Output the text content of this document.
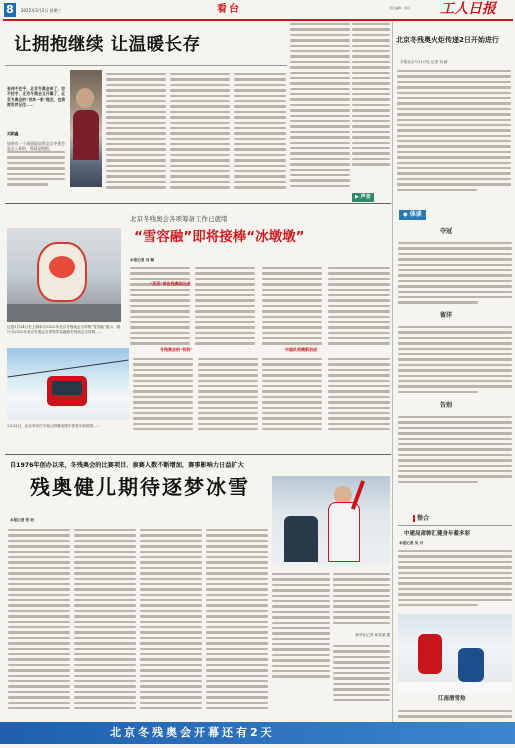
8	2022年3月2日 星期三	看台	责任编辑：吴丹 工人日报
让拥抱继续 让温暖长存
张伟不在乎，北京冬奥会来了，拉不拉手，北京冬奥会又开幕了，北京冬奥会的“世界一家”理念，也将被世界记住……
刘颖鑫
如果有一个画面能说明北京冬奥会是怎么样的，那就是拥抱。
▶ 声音
北京冬残奥火炬传递2日开始进行
本报北京3月1日电 记者 刘 颖
北京冬残奥会各项筹备工作已就绪
“雪容融”即将接棒“冰墩墩”
这是2月24日在上海举办2022年北京冬残奥会吉祥物“雪容融”展示，图片为2022年北京冬奥会吉祥物雪容融和冬残奥会吉祥物……
本报记者 刘 颖
“灵灵”讲出残奥初元成
2月23日，北京市民在冬奥公园乘坐缆车体验冬奥氛围……
冬残奥会的“有料”	中国队将携新初成
自1976年创办以来，冬残奥会的比赛项目、参赛人数不断增加，赛事影响力日益扩大
残奥健儿期待逐梦冰雪
本报记者 张 盼
新华社记者 孙显斌 摄
◆ 体谈
夺冠
留洋
告别
整合
中建局肃韩汇健身年蓄多彩
本报记者 吴 丹
江南滑雪热
北京冬残奥会开幕还有2天
